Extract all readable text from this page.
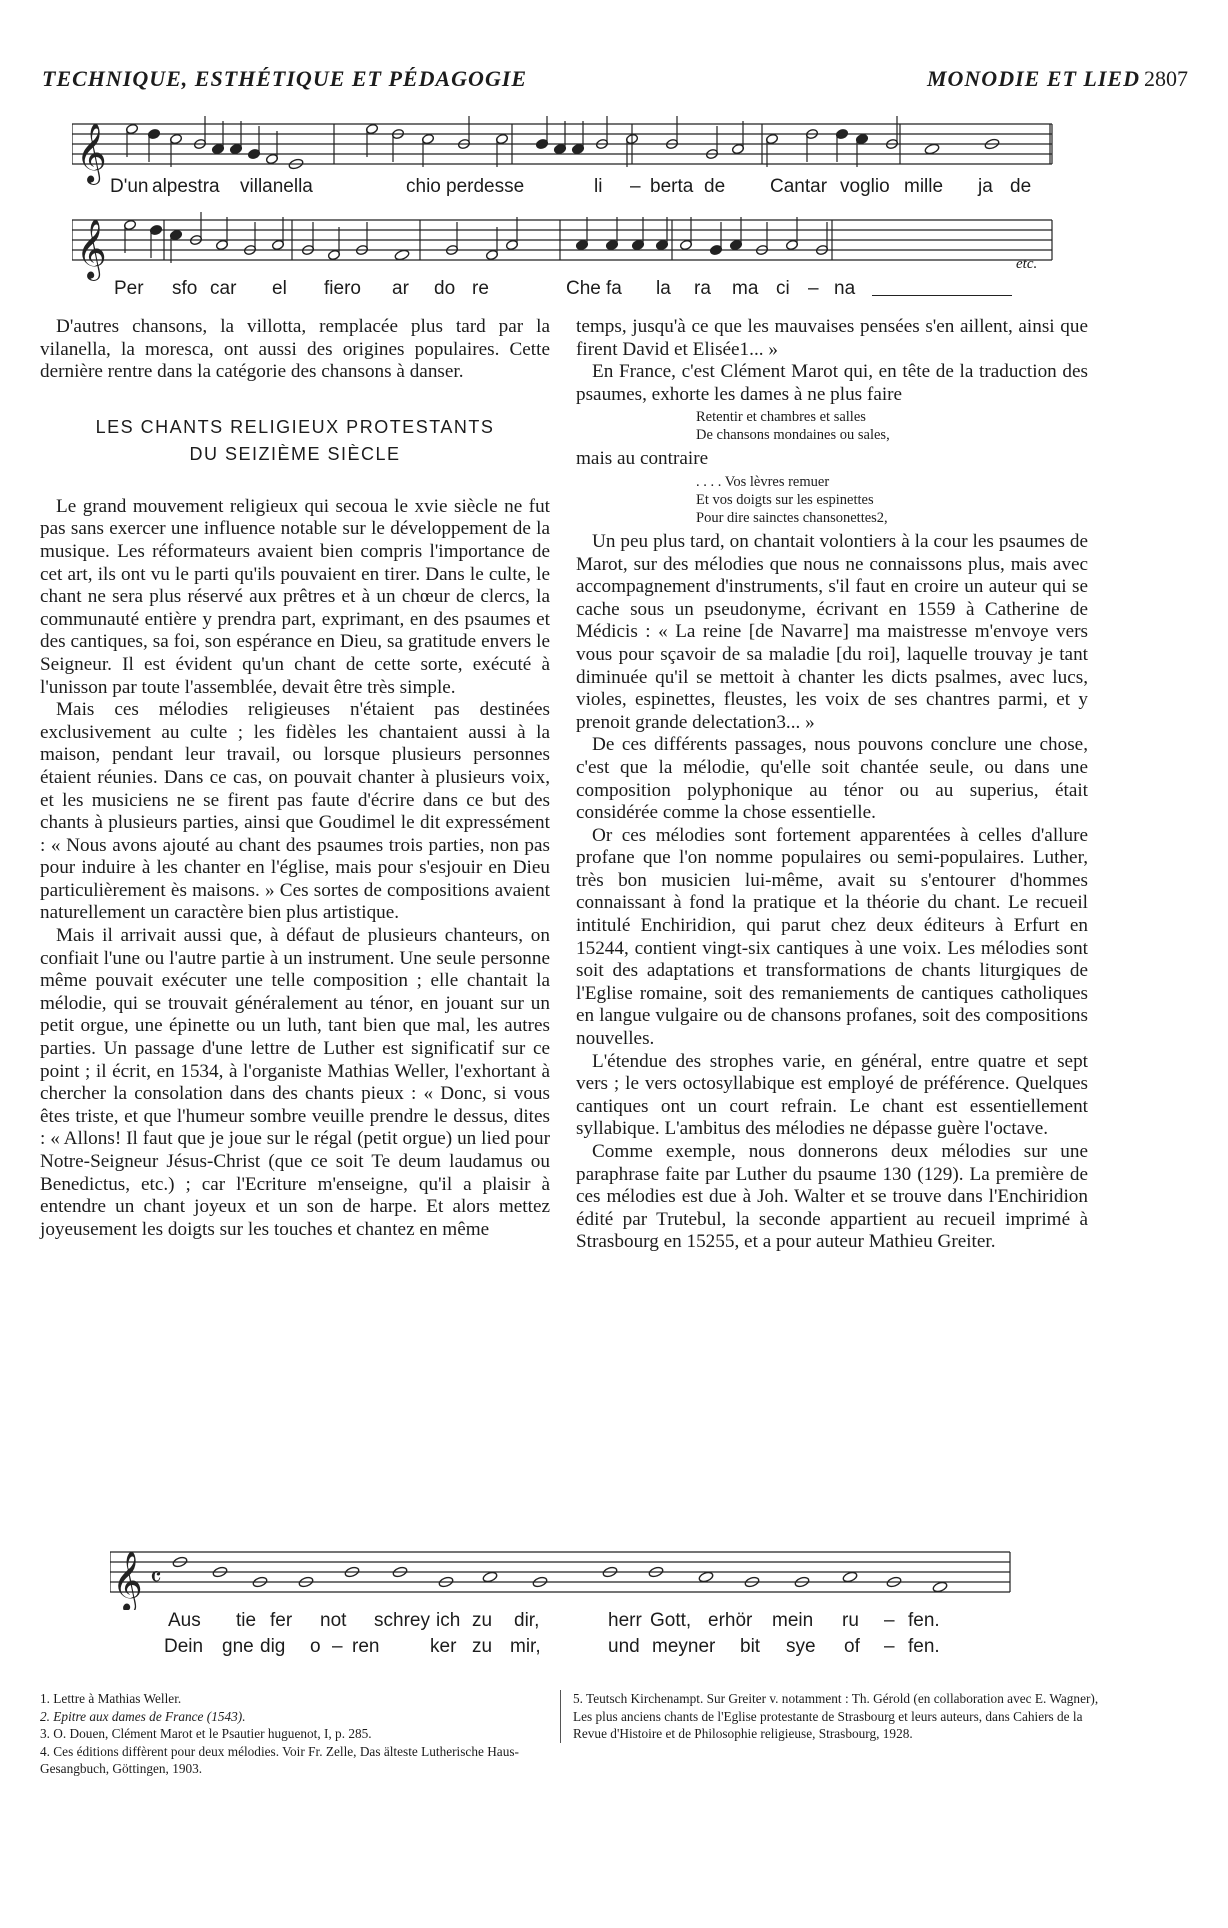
TECHNIQUE, ESTHÉTIQUE ET PÉDAGOGIE	MONODIE ET LIED 2807
𝄞
D'un alpestra villanella	chio perdesse	li – berta de Cantar voglio mille ja de
𝄞	etc.
Per sfo car el fiero ar do re	Che fa la ra ma ci – na

D'autres chansons, la villotta, remplacée plus tard par la vilanella, la moresca, ont aussi des origines populaires. Cette dernière rentre dans la catégorie des chansons à danser.

LES CHANTS RELIGIEUX PROTESTANTS
DU SEIZIÈME SIÈCLE

Le grand mouvement religieux qui secoua le xvie siècle ne fut pas sans exercer une influence notable sur le développement de la musique. Les réformateurs avaient bien compris l'importance de cet art, ils ont vu le parti qu'ils pouvaient en tirer. Dans le culte, le chant ne sera plus réservé aux prêtres et à un chœur de clercs, la communauté entière y prendra part, exprimant, en des psaumes et des cantiques, sa foi, son espérance en Dieu, sa gratitude envers le Seigneur. Il est évident qu'un chant de cette sorte, exécuté à l'unisson par toute l'assemblée, devait être très simple.

Mais ces mélodies religieuses n'étaient pas destinées exclusivement au culte ; les fidèles les chantaient aussi à la maison, pendant leur travail, ou lorsque plusieurs personnes étaient réunies. Dans ce cas, on pouvait chanter à plusieurs voix, et les musiciens ne se firent pas faute d'écrire dans ce but des chants à plusieurs parties, ainsi que Goudimel le dit expressément : « Nous avons ajouté au chant des psaumes trois parties, non pas pour induire à les chanter en l'église, mais pour s'esjouir en Dieu particulièrement ès maisons. » Ces sortes de compositions avaient naturellement un caractère bien plus artistique.

Mais il arrivait aussi que, à défaut de plusieurs chanteurs, on confiait l'une ou l'autre partie à un instrument. Une seule personne même pouvait exécuter une telle composition ; elle chantait la mélodie, qui se trouvait généralement au ténor, en jouant sur un petit orgue, une épinette ou un luth, tant bien que mal, les autres parties. Un passage d'une lettre de Luther est significatif sur ce point ; il écrit, en 1534, à l'organiste Mathias Weller, l'exhortant à chercher la consolation dans des chants pieux : « Donc, si vous êtes triste, et que l'humeur sombre veuille prendre le dessus, dites : « Allons! Il faut que je joue sur le régal (petit orgue) un lied pour Notre-Seigneur Jésus-Christ (que ce soit Te deum laudamus ou Benedictus, etc.) ; car l'Ecriture m'enseigne, qu'il a plaisir à entendre un chant joyeux et un son de harpe. Et alors mettez joyeusement les doigts sur les touches et chantez en même

temps, jusqu'à ce que les mauvaises pensées s'en aillent, ainsi que firent David et Elisée1... »

En France, c'est Clément Marot qui, en tête de la traduction des psaumes, exhorte les dames à ne plus faire

Retentir et chambres et salles
De chansons mondaines ou sales,

mais au contraire

. . . . Vos lèvres remuer
Et vos doigts sur les espinettes
Pour dire sainctes chansonettes2,

Un peu plus tard, on chantait volontiers à la cour les psaumes de Marot, sur des mélodies que nous ne connaissons plus, mais avec accompagnement d'instruments, s'il faut en croire un auteur qui se cache sous un pseudonyme, écrivant en 1559 à Catherine de Médicis : « La reine [de Navarre] ma maistresse m'envoye vers vous pour sçavoir de sa maladie [du roi], laquelle trouvay je tant diminuée qu'il se mettoit à chanter les dicts psalmes, avec lucs, violes, espinettes, fleustes, les voix de ses chantres parmi, et y prenoit grande delectation3... »

De ces différents passages, nous pouvons conclure une chose, c'est que la mélodie, qu'elle soit chantée seule, ou dans une composition polyphonique au ténor ou au superius, était considérée comme la chose essentielle.

Or ces mélodies sont fortement apparentées à celles d'allure profane que l'on nomme populaires ou semi-populaires. Luther, très bon musicien lui-même, avait su s'entourer d'hommes connaissant à fond la pratique et la théorie du chant. Le recueil intitulé Enchiridion, qui parut chez deux éditeurs à Erfurt en 15244, contient vingt-six cantiques à une voix. Les mélodies sont soit des adaptations et transformations de chants liturgiques de l'Eglise romaine, soit des remaniements de cantiques catholiques en langue vulgaire ou de chansons profanes, soit des compositions nouvelles.

L'étendue des strophes varie, en général, entre quatre et sept vers ; le vers octosyllabique est employé de préférence. Quelques cantiques ont un court refrain. Le chant est essentiellement syllabique. L'ambitus des mélodies ne dépasse guère l'octave.

Comme exemple, nous donnerons deux mélodies sur une paraphrase faite par Luther du psaume 130 (129). La première de ces mélodies est due à Joh. Walter et se trouve dans l'Enchiridion édité par Trutebul, la seconde appartient au recueil imprimé à Strasbourg en 15255, et a pour auteur Mathieu Greiter.

𝄞 𝄴
Aus tie fer not schrey ich zu dir,	herr Gott, erhör mein ru – fen.
Dein gne dig o – ren	ker zu mir,	und meyner bit sye of – fen.
1. Lettre à Mathias Weller.
2. Epitre aux dames de France (1543).
3. O. Douen, Clément Marot et le Psautier huguenot, I, p. 285.
4. Ces éditions diffèrent pour deux mélodies. Voir Fr. Zelle, Das älteste Lutherische Haus-Gesangbuch, Göttingen, 1903.
5. Teutsch Kirchenampt. Sur Greiter v. notamment : Th. Gérold (en collaboration avec E. Wagner), Les plus anciens chants de l'Eglise protestante de Strasbourg et leurs auteurs, dans Cahiers de la Revue d'Histoire et de Philosophie religieuse, Strasbourg, 1928.
